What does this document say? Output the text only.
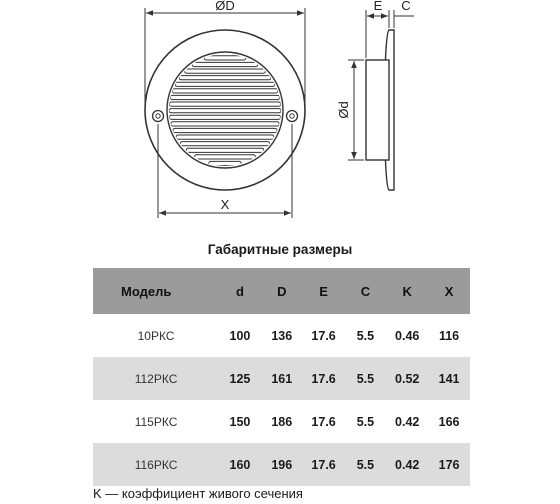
ØD
X
E C
Ød
Габаритные размеры
Модель	d	D	E	C	K	X
10РКС	100	136	17.6	5.5	0.46	116
112РКС	125	161	17.6	5.5	0.52	141
115РКС	150	186	17.6	5.5	0.42	166
116РКС	160	196	17.6	5.5	0.42	176
K — коэффициент живого сечения
